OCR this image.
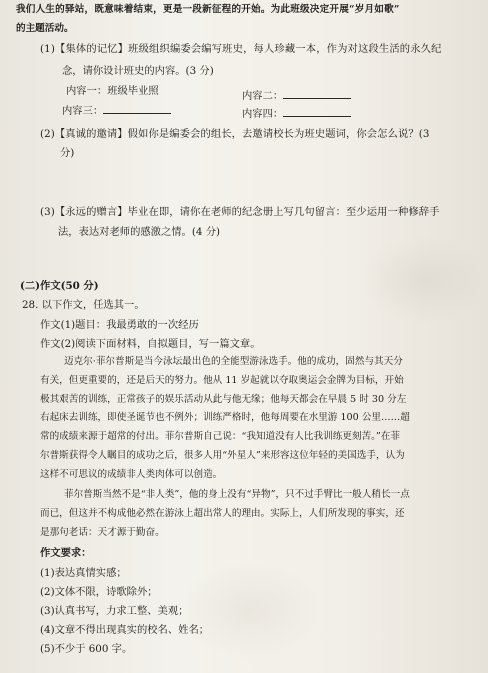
我们人生的驿站，既意味着结束，更是一段新征程的开始。为此班级决定开展“岁月如歌”
的主题活动。
(1)【集体的记忆】班级组织编委会编写班史，每人珍藏一本，作为对这段生活的永久纪
念，请你设计班史的内容。(3 分)
内容一：班级毕业照	内容二：
内容三：	内容四：
(2)【真诚的邀请】假如你是编委会的组长，去邀请校长为班史题词，你会怎么说？(3
分)
(3)【永远的赠言】毕业在即，请你在老师的纪念册上写几句留言：至少运用一种修辞手
法，表达对老师的感激之情。(4 分)
(二)作文(50 分)
28. 以下作文，任选其一。
作文(1)题目：我最勇敢的一次经历
作文(2)阅读下面材料，自拟题目，写一篇文章。
迈克尔·菲尔普斯是当今泳坛最出色的全能型游泳选手。他的成功，固然与其天分
有关，但更重要的，还是后天的努力。他从 11 岁起就以夺取奥运会金牌为目标，开始
极其艰苦的训练，正常孩子的娱乐活动从此与他无缘；他每天都会在早晨 5 时 30 分左
右起床去训练，即使圣诞节也不例外；训练严格时，他每周要在水里游 100 公里……超
常的成绩来源于超常的付出。菲尔普斯自己说：“我知道没有人比我训练更刻苦。”在菲
尔普斯获得令人瞩目的成功之后，很多人用“外星人”来形容这位年轻的美国选手，认为
这样不可思议的成绩非人类肉体可以创造。
菲尔普斯当然不是“非人类”，他的身上没有“异物”，只不过手臂比一般人稍长一点
而已，但这并不构成他必然在游泳上超出常人的理由。实际上，人们所发现的事实，还
是那句老话：天才源于勤奋。
作文要求：
(1)表达真情实感；
(2)文体不限，诗歌除外；
(3)认真书写，力求工整、美观；
(4)文章不得出现真实的校名、姓名；
(5)不少于 600 字。
